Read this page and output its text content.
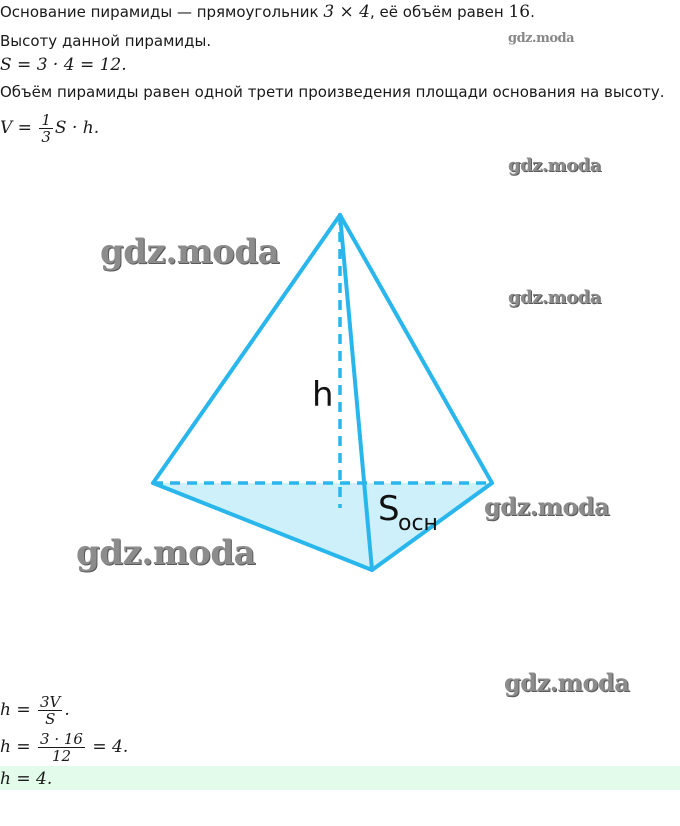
Основание пирамиды — прямоугольник 3 × 4, её объём равен 16.
Высоту данной пирамиды.
S = 3 · 4 = 12.
Объём пирамиды равен одной трети произведения площади основания на высоту.
$V = \frac{1}{3}$ S · h.
h
S
осн
gdz.moda
gdz.moda
gdz.moda
gdz.moda
gdz.moda
gdz.moda
gdz.moda
$h = \frac{3V}{S}$ .
$h = \frac{3 \cdot 16}{12} = 4$.
h = 4.
